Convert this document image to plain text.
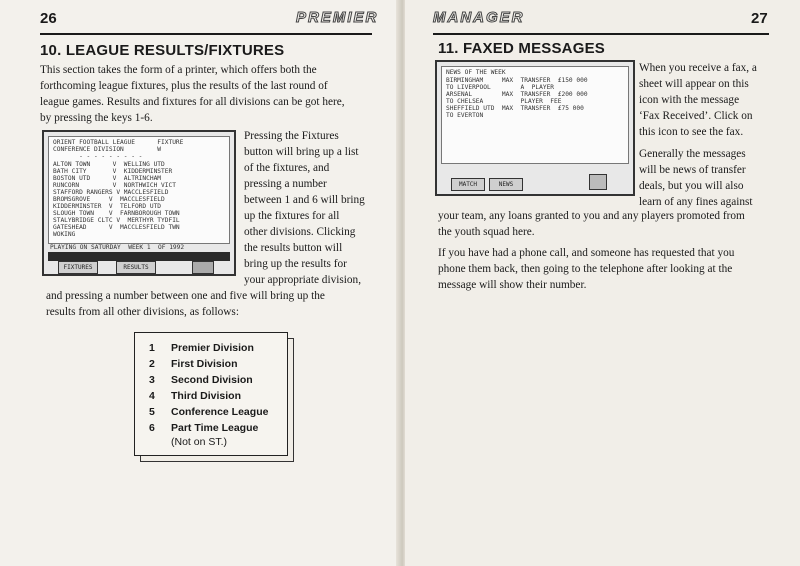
26	PREMIER
10. LEAGUE RESULTS/FIXTURES
This section takes the form of a printer, which offers both the
forthcoming league fixtures, plus the results of the last round of
league games. Results and fixtures for all divisions can be got here,
by pressing the keys 1-6.
ORIENT FOOTBALL LEAGUE      FIXTURE
CONFERENCE DIVISION         W
- - - - - - - - -
ALTON TOWN      V  WELLING UTD
BATH CITY       V  KIDDERMINSTER
BOSTON UTD      V  ALTRINCHAM
RUNCORN         V  NORTHWICH VICT
STAFFORD RANGERS V MACCLESFIELD
BROMSGROVE     V  MACCLESFIELD
KIDDERMINSTER  V  TELFORD UTD
SLOUGH TOWN    V  FARNBOROUGH TOWN
STALYBRIDGE CLTC V  MERTHYR TYDFIL
GATESHEAD      V  MACCLESFIELD TWN
WOKING
PLAYING ON SATURDAY  WEEK 1  OF 1992
FIXTURES	RESULTS
Pressing the Fixtures
button will bring up a list
of the fixtures, and
pressing a number
between 1 and 6 will bring
up the fixtures for all
other divisions. Clicking
the results button will
bring up the results for
your appropriate division,
and pressing a number between one and five will bring up the
results from all other divisions, as follows:
1 Premier Division
2 First Division
3 Second Division
4 Third Division
5 Conference League
6 Part Time League
(Not on ST.)
MANAGER	27
11. FAXED MESSAGES
NEWS OF THE WEEK
BIRMINGHAM     MAX  TRANSFER  £150 000
TO LIVERPOOL        A  PLAYER
ARSENAL        MAX  TRANSFER  £200 000
TO CHELSEA          PLAYER  FEE
SHEFFIELD UTD  MAX  TRANSFER  £75 000
TO EVERTON
MATCH	NEWS
When you receive a fax, a
sheet will appear on this
icon with the message
‘Fax Received’. Click on
this icon to see the fax.
Generally the messages
will be news of transfer
deals, but you will also
learn of any fines against
your team, any loans granted to you and any players promoted from
the youth squad here.
If you have had a phone call, and someone has requested that you
phone them back, then going to the telephone after looking at the
message will show their number.
